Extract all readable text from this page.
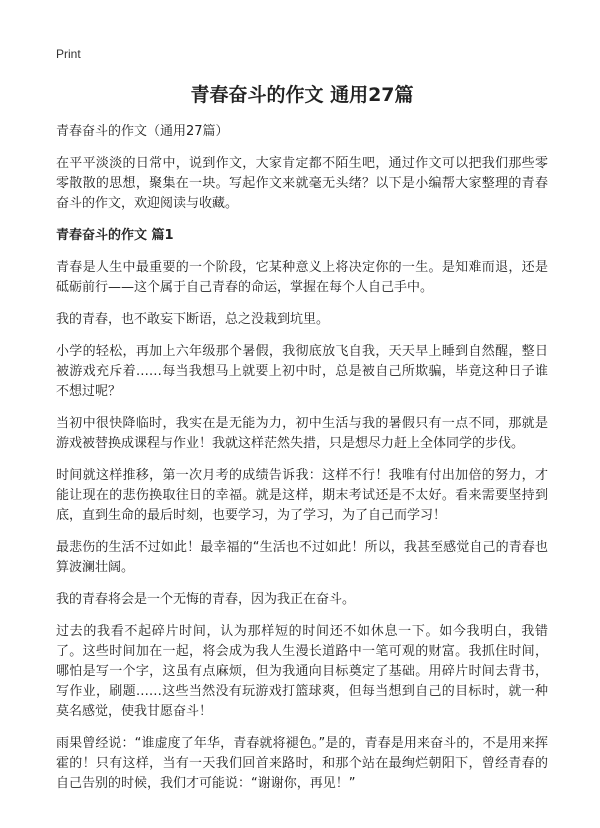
Print
青春奋斗的作文 通用27篇
青春奋斗的作文（通用27篇）
在平平淡淡的日常中，说到作文，大家肯定都不陌生吧，通过作文可以把我们那些零零散散的思想，聚集在一块。写起作文来就毫无头绪？以下是小编帮大家整理的青春奋斗的作文，欢迎阅读与收藏。
青春奋斗的作文 篇1
青春是人生中最重要的一个阶段，它某种意义上将决定你的一生。是知难而退，还是砥砺前行——这个属于自己青春的命运，掌握在每个人自己手中。
我的青春，也不敢妄下断语，总之没栽到坑里。
小学的轻松，再加上六年级那个暑假，我彻底放飞自我，天天早上睡到自然醒，整日被游戏充斥着……每当我想马上就要上初中时，总是被自己所欺骗，毕竟这种日子谁不想过呢？
当初中很快降临时，我实在是无能为力，初中生活与我的暑假只有一点不同，那就是游戏被替换成课程与作业！我就这样茫然失措，只是想尽力赶上全体同学的步伐。
时间就这样推移，第一次月考的成绩告诉我：这样不行！我唯有付出加倍的努力，才能让现在的悲伤换取往日的幸福。就是这样，期末考试还是不太好。看来需要坚持到底，直到生命的最后时刻，也要学习，为了学习，为了自己而学习！
最悲伤的生活不过如此！最幸福的“生活也不过如此！所以，我甚至感觉自己的青春也算波澜壮阔。
我的青春将会是一个无悔的青春，因为我正在奋斗。
过去的我看不起碎片时间，认为那样短的时间还不如休息一下。如今我明白，我错了。这些时间加在一起，将会成为我人生漫长道路中一笔可观的财富。我抓住时间，哪怕是写一个字，这虽有点麻烦，但为我通向目标奠定了基础。用碎片时间去背书，写作业，刷题……这些当然没有玩游戏打篮球爽，但每当想到自己的目标时，就一种莫名感觉，使我甘愿奋斗！
雨果曾经说：“谁虚度了年华，青春就将褪色。”是的，青春是用来奋斗的，不是用来挥霍的！只有这样，当有一天我们回首来路时，和那个站在最绚烂朝阳下，曾经青春的自己告别的时候，我们才可能说：“谢谢你，再见！”
